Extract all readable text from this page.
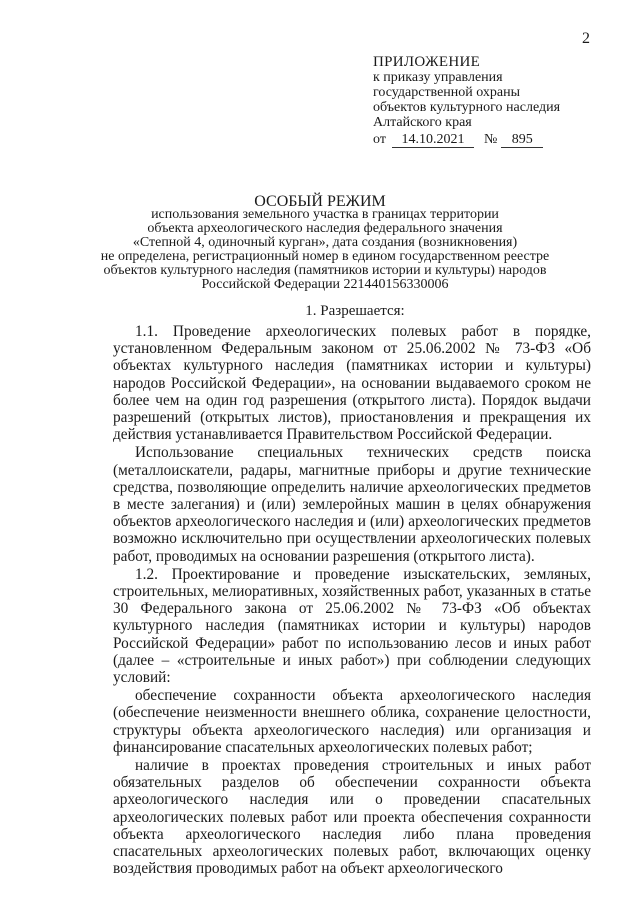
2
ПРИЛОЖЕНИЕ
к приказу управления
государственной охраны
объектов культурного наследия
Алтайского края
от 14.10.2021 № 895
ОСОБЫЙ РЕЖИМ
использования земельного участка в границах территории
объекта археологического наследия федерального значения
«Степной 4, одиночный курган», дата создания (возникновения)
не определена, регистрационный номер в едином государственном реестре
объектов культурного наследия (памятников истории и культуры) народов
Российской Федерации 221440156330006
1. Разрешается:

1.1. Проведение археологических полевых работ в порядке, установленном Федеральным законом от 25.06.2002 № 73-ФЗ «Об объектах культурного наследия (памятниках истории и культуры) народов Российской Федерации», на основании выдаваемого сроком не более чем на один год разрешения (открытого листа). Порядок выдачи разрешений (открытых листов), приостановления и прекращения их действия устанавливается Правительством Российской Федерации.

Использование специальных технических средств поиска (металлоискатели, радары, магнитные приборы и другие технические средства, позволяющие определить наличие археологических предметов в месте залегания) и (или) землеройных машин в целях обнаружения объектов археологического наследия и (или) археологических предметов возможно исключительно при осуществлении археологических полевых работ, проводимых на основании разрешения (открытого листа).

1.2. Проектирование и проведение изыскательских, земляных, строительных, мелиоративных, хозяйственных работ, указанных в статье 30 Федерального закона от 25.06.2002 № 73-ФЗ «Об объектах культурного наследия (памятниках истории и культуры) народов Российской Федерации» работ по использованию лесов и иных работ (далее – «строительные и иных работ») при соблюдении следующих условий:

обеспечение сохранности объекта археологического наследия (обеспечение неизменности внешнего облика, сохранение целостности, структуры объекта археологического наследия) или организация и финансирование спасательных археологических полевых работ;

наличие в проектах проведения строительных и иных работ обязательных разделов об обеспечении сохранности объекта археологического наследия или о проведении спасательных археологических полевых работ или проекта обеспечения сохранности объекта археологического наследия либо плана проведения спасательных археологических полевых работ, включающих оценку воздействия проводимых работ на объект археологического
